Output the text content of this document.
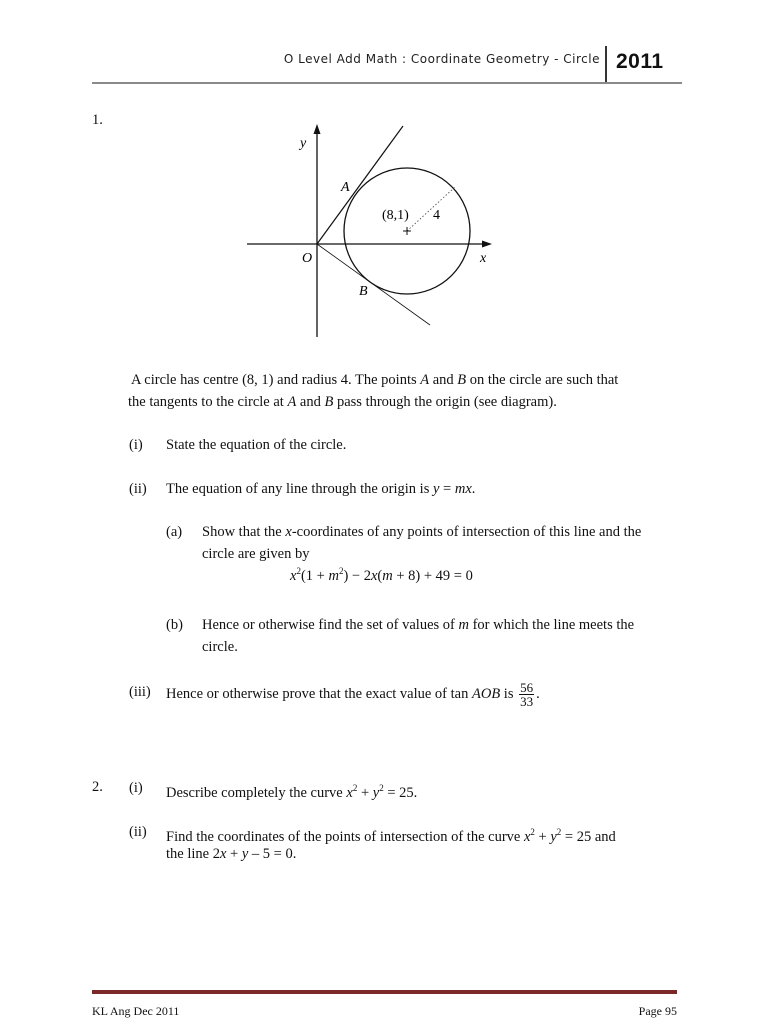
O Level Add Math : Coordinate Geometry - Circle 2011
1.
y
x
O
A
B
(8,1) 4
A circle has centre (8, 1) and radius 4. The points A and B on the circle are such that
the tangents to the circle at A and B pass through the origin (see diagram).
(i) State the equation of the circle.
(ii) The equation of any line through the origin is y = mx.
(a) Show that the x-coordinates of any points of intersection of this line and the
circle are given by
$x^2(1 + m^2) - 2x(m + 8) + 49 = 0$
(b) Hence or otherwise find the set of values of m for which the line meets the
circle.
(iii) Hence or otherwise prove that the exact value of tan AOB is $\frac{56}{33}$ .
2. (i) Describe completely the curve $x^2 + y^2 = 25$.
(ii) Find the coordinates of the points of intersection of the curve $x^2 + y^2 = 25$ and
the line 2x + y – 5 = 0.
KL Ang Dec 2011	Page 95
